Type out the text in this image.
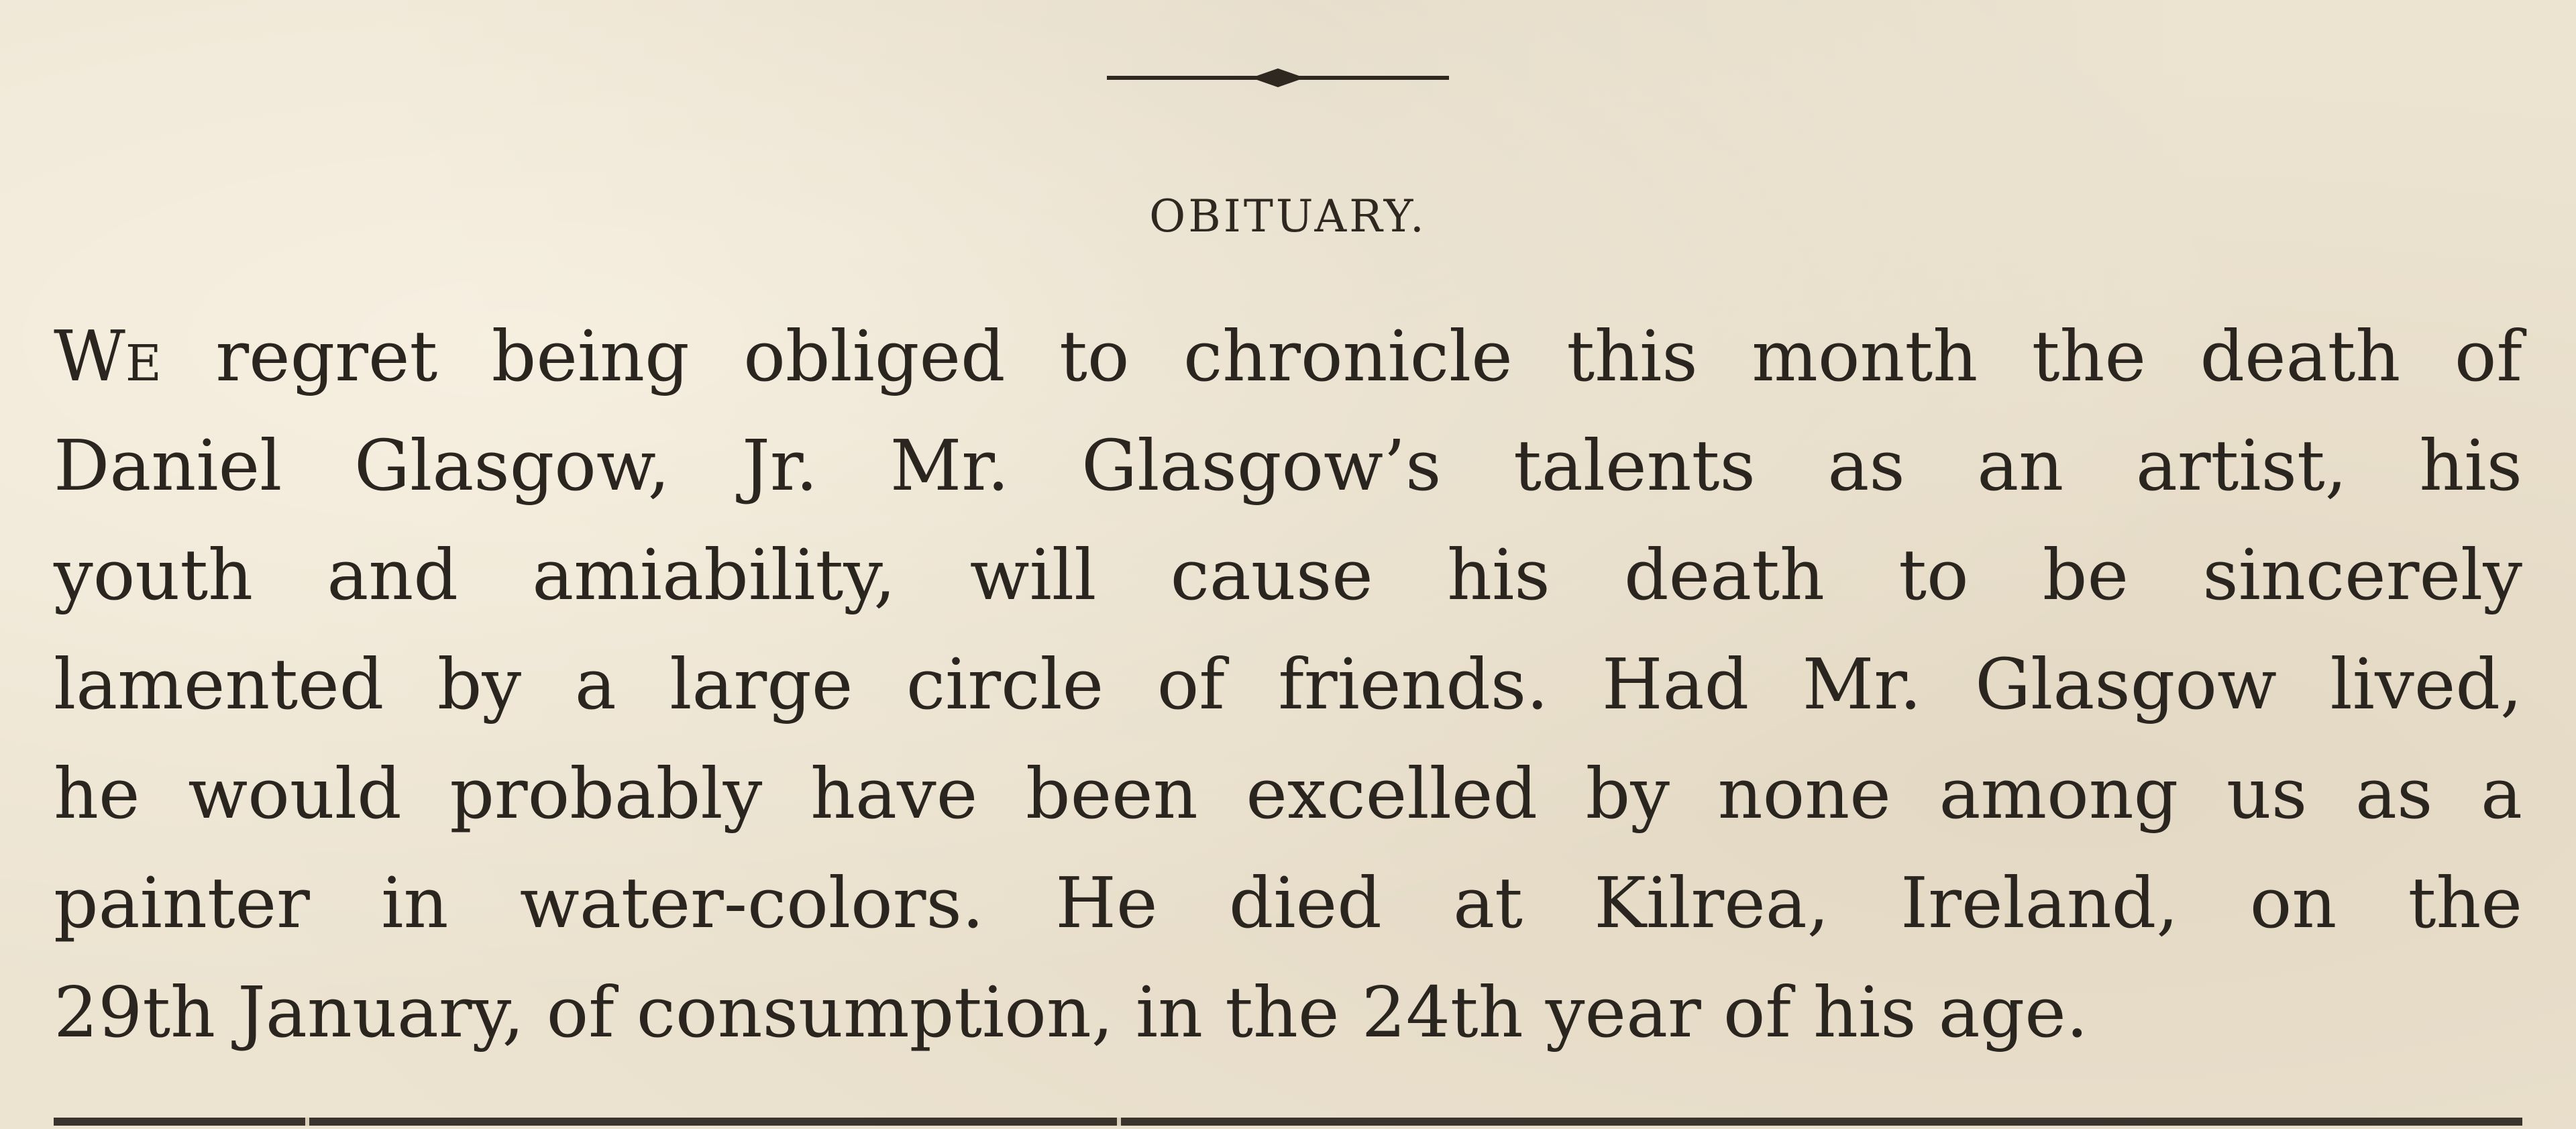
OBITUARY.
WE regret being obliged to chronicle this month the death of
Daniel Glasgow, Jr. Mr. Glasgow’s talents as an artist, his
youth and amiability, will cause his death to be sincerely
lamented by a large circle of friends. Had Mr. Glasgow lived,
he would probably have been excelled by none among us as a
painter in water-colors. He died at Kilrea, Ireland, on the
29th January, of consumption, in the 24th year of his age.
